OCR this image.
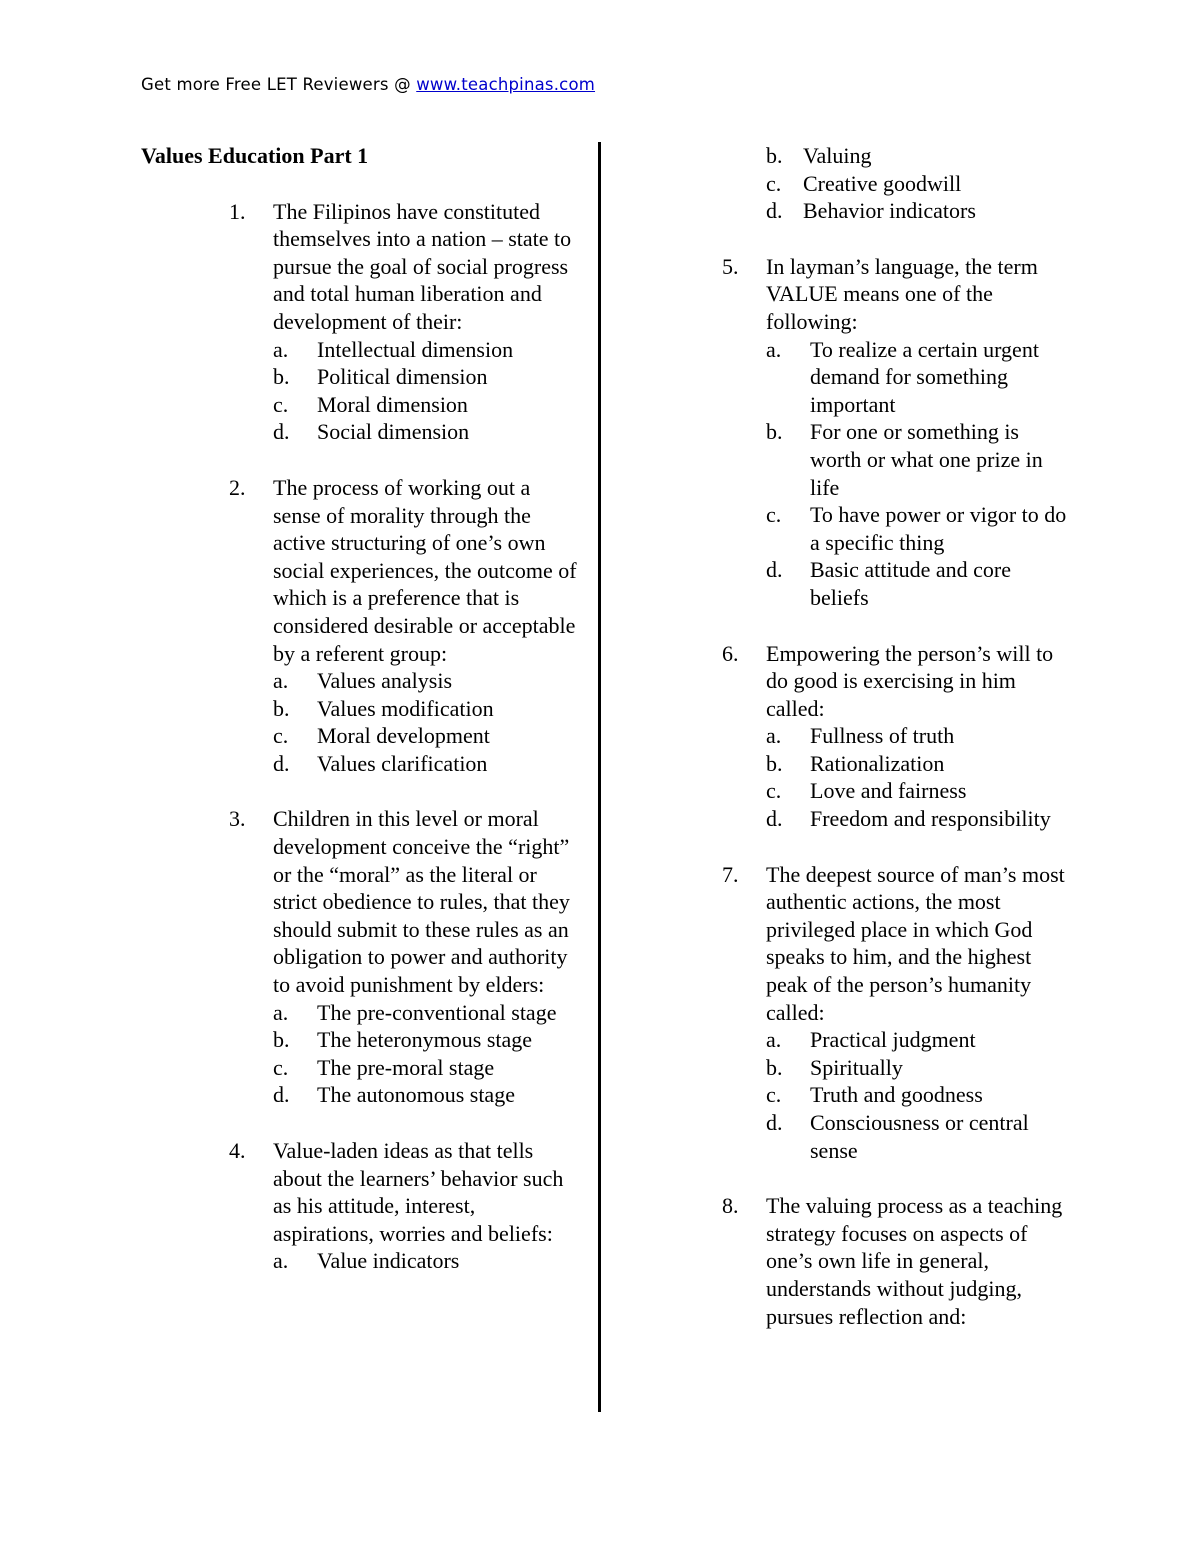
Get more Free LET Reviewers @ www.teachpinas.com
Values Education Part 1
1. The Filipinos have constituted themselves into a nation – state to pursue the goal of social progress and total human liberation and development of their:
a. Intellectual dimension
b. Political dimension
c. Moral dimension
d. Social dimension
2. The process of working out a sense of morality through the active structuring of one’s own social experiences, the outcome of which is a preference that is considered desirable or acceptable by a referent group:
a. Values analysis
b. Values modification
c. Moral development
d. Values clarification
3. Children in this level or moral development conceive the “right” or the “moral” as the literal or strict obedience to rules, that they should submit to these rules as an obligation to power and authority to avoid punishment by elders:
a. The pre-conventional stage
b. The heteronymous stage
c. The pre-moral stage
d. The autonomous stage
4. Value-laden ideas as that tells about the learners’ behavior such as his attitude, interest, aspirations, worries and beliefs:
a. Value indicators
b. Valuing
c. Creative goodwill
d. Behavior indicators
5. In layman’s language, the term VALUE means one of the following:
a. To realize a certain urgent demand for something important
b. For one or something is worth or what one prize in life
c. To have power or vigor to do a specific thing
d. Basic attitude and core beliefs
6. Empowering the person’s will to do good is exercising in him called:
a. Fullness of truth
b. Rationalization
c. Love and fairness
d. Freedom and responsibility
7. The deepest source of man’s most authentic actions, the most privileged place in which God speaks to him, and the highest peak of the person’s humanity called:
a. Practical judgment
b. Spiritually
c. Truth and goodness
d. Consciousness or central sense
8. The valuing process as a teaching strategy focuses on aspects of one’s own life in general, understands without judging, pursues reflection and:
